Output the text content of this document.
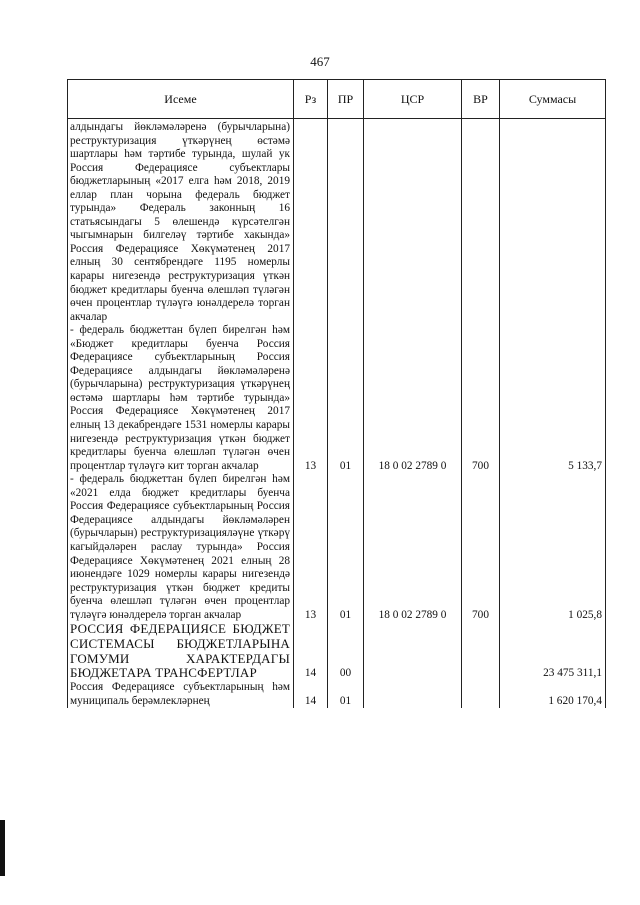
467
Исеме	Рз	ПР	ЦСР	ВР	Суммасы

алдындагы йөкләмәләренә (бурычларына) реструктуризация үткәрүнең өстәмә шартлары һәм тәртибе турында, шулай ук Россия Федерациясе субъектлары бюджетларының «2017 елга һәм 2018, 2019 еллар план чорына федераль бюджет турында» Федераль законның 16 статьясындагы 5 өлешендә күрсәтелгән чыгымнарын билгеләү тәртибе хакында» Россия Федерациясе Хөкүмәтенең 2017 елның 30 сентябрендәге 1195 номерлы карары нигезендә реструктуризация үткән бюджет кредитлары буенча өлешләп түләгән өчен процентлар түләүгә юнәлдерелә торган акчалар					

- федераль бюджеттан бүлеп бирелгән һәм «Бюджет кредитлары буенча Россия Федерациясе субъектларының Россия Федерациясе алдындагы йөкләмәләренә (бурычларына) реструктуризация үткәрүнең өстәмә шартлары һәм тәртибе турында» Россия Федерациясе Хөкүмәтенең 2017 елның 13 декабрендәге 1531 номерлы карары нигезендә реструктуризация үткән бюджет кредитлары буенча өлешләп түләгән өчен процентлар түләүгә кит торган акчалар	13	01	18 0 02 2789 0	700	5 133,7

- федераль бюджеттан бүлеп бирелгән һәм «2021 елда бюджет кредитлары буенча Россия Федерациясе субъектларының Россия Федерациясе алдындагы йөкләмәләрен (бурычларын) реструктуризацияләүне үткәрү кагыйдәләрен раслау турында» Россия Федерациясе Хөкүмәтенең 2021 елның 28 июнендәге 1029 номерлы карары нигезендә реструктуризация үткән бюджет кредиты буенча өлешләп түләгән өчен процентлар түләүгә юнәлдерелә торган акчалар	13	01	18 0 02 2789 0	700	1 025,8

РОССИЯ ФЕДЕРАЦИЯСЕ БЮДЖЕТ СИСТЕМАСЫ БЮДЖЕТЛАРЫНА ГОМУМИ ХАРАКТЕРДАГЫ БЮДЖЕТАРА ТРАНСФЕРТЛАР	14	00			23 475 311,1

Россия Федерациясе субъектларының һәм муниципаль берәмлекләрнең	14	01			1 620 170,4
